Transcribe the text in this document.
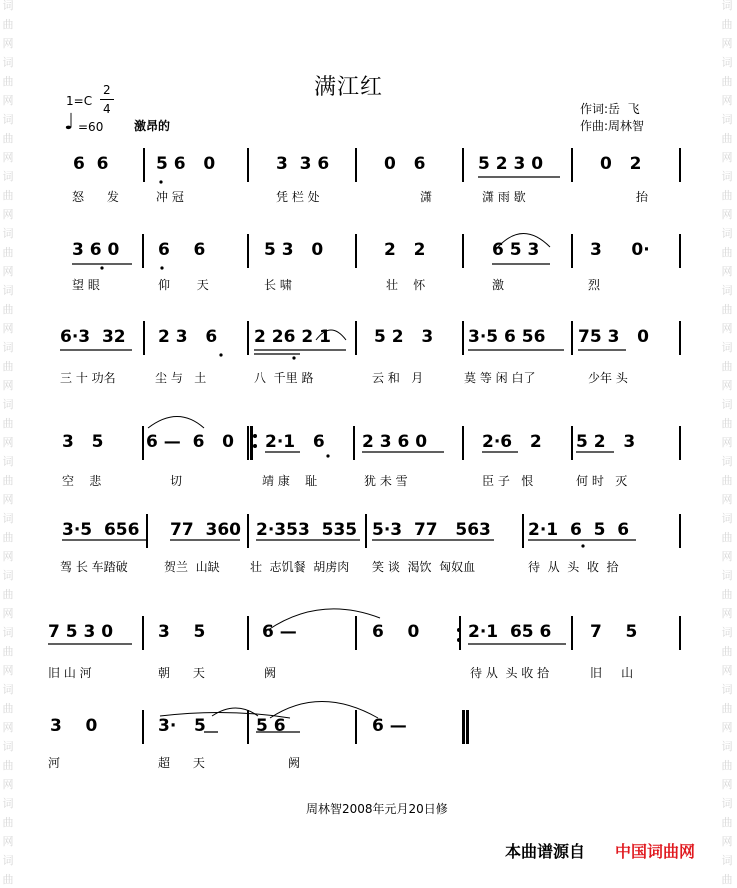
词
曲
网
词
曲
网
词
曲
网
词
曲
网
词
曲
网
词
曲
网
词
曲
网
词
曲
网
词
曲
网
词
曲
网
词
曲
网
词
曲
网
词
曲
网
词
曲
网
词
曲
网
词
曲
词
曲
网
词
曲
网
词
曲
网
词
曲
网
词
曲
网
词
曲
网
词
曲
网
词
曲
网
词
曲
网
词
曲
网
词
曲
网
词
曲
网
词
曲
网
词
曲
网
词
曲
网
词
曲
满江红
1=C
2
4
♩ =60	激昂的
作词:岳  飞
作曲:周林智
6  6	5 6   0	3  3 6	0   6	5 2 3 0	0   2
怒      发	冲 冠	凭 栏 处	潇	潇 雨 歇	抬
3 6 0 6    6	5 3   0	2   2	6 5 3	3     0·
望 眼	仰       天	长 啸	壮    怀	激	烈
6·3  32 2 3   6 2 26 2 1	5 2   3 3·5 6 56 75 3   0
三 十 功名	尘 与   土	八  千里 路	云 和   月	莫 等 闲 白了	少年 头
3   5	6 —  6   0 2·1   6 2 3 6 0	2·6   2 5 2   3
空    悲	切	靖 康    耻	犹 未 雪	臣 子   恨	何 时   灭
3·5  656 77  360 2·353  535 5·3  77   563 2·1  6  5  6
驾 长 车踏破	贺兰  山缺	壮  志饥餐  胡虏肉 笑 谈  渴饮  匈奴血	待  从  头  收  拾
7 5 3 0	3    5	6 —	6    0	2·1  65 6 7    5
旧 山 河	朝      天	阙	待 从  头 收 拾	旧     山
3    0	3·   5	5 6	6 —
河	超      天	阙
周林智2008年元月20日修
本曲谱源自 中国词曲网
